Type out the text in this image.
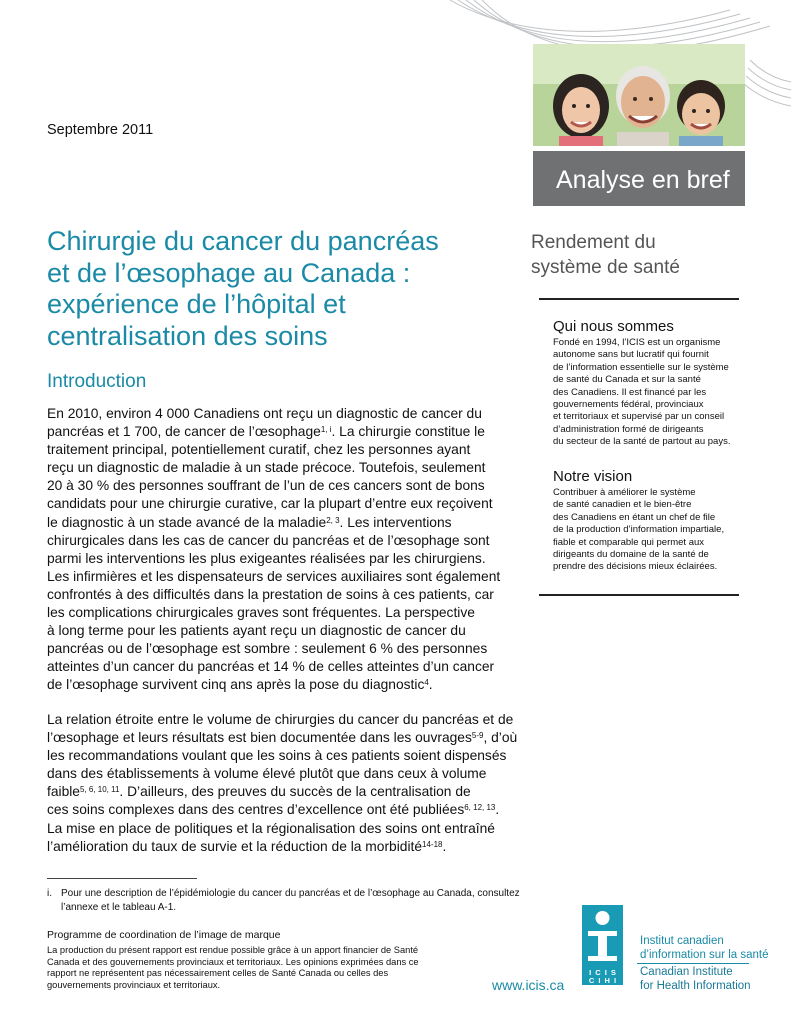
Analyse en bref
Septembre 2011
Chirurgie du cancer du pancréas
et de l’œsophage au Canada :
expérience de l’hôpital et
centralisation des soins
Rendement du
système de santé
Introduction
En 2010, environ 4 000 Canadiens ont reçu un diagnostic de cancer du
pancréas et 1 700, de cancer de l’œsophage$^{1, i}$. La chirurgie constitue le
traitement principal, potentiellement curatif, chez les personnes ayant
reçu un diagnostic de maladie à un stade précoce. Toutefois, seulement
20 à 30 % des personnes souffrant de l’un de ces cancers sont de bons
candidats pour une chirurgie curative, car la plupart d’entre eux reçoivent
le diagnostic à un stade avancé de la maladie$^{2, 3}$. Les interventions
chirurgicales dans les cas de cancer du pancréas et de l’œsophage sont
parmi les interventions les plus exigeantes réalisées par les chirurgiens.
Les infirmières et les dispensateurs de services auxiliaires sont également
confrontés à des difficultés dans la prestation de soins à ces patients, car
les complications chirurgicales graves sont fréquentes. La perspective
à long terme pour les patients ayant reçu un diagnostic de cancer du
pancréas ou de l’œsophage est sombre : seulement 6 % des personnes
atteintes d’un cancer du pancréas et 14 % de celles atteintes d’un cancer
de l’œsophage survivent cinq ans après la pose du diagnostic$^4$.
La relation étroite entre le volume de chirurgies du cancer du pancréas et de
l’œsophage et leurs résultats est bien documentée dans les ouvrages$^{5-9}$, d’où
les recommandations voulant que les soins à ces patients soient dispensés
dans des établissements à volume élevé plutôt que dans ceux à volume
faible$^{5, 6, 10, 11}$. D’ailleurs, des preuves du succès de la centralisation de
ces soins complexes dans des centres d’excellence ont été publiées$^{6, 12, 13}$.
La mise en place de politiques et la régionalisation des soins ont entraîné
l’amélioration du taux de survie et la réduction de la morbidité$^{14-18}$.
Qui nous sommes
Fondé en 1994, l’ICIS est un organisme
autonome sans but lucratif qui fournit
de l’information essentielle sur le système
de santé du Canada et sur la santé
des Canadiens. Il est financé par les
gouvernements fédéral, provinciaux
et territoriaux et supervisé par un conseil
d’administration formé de dirigeants
du secteur de la santé de partout au pays.
Notre vision
Contribuer à améliorer le système
de santé canadien et le bien-être
des Canadiens en étant un chef de file
de la production d’information impartiale,
fiable et comparable qui permet aux
dirigeants du domaine de la santé de
prendre des décisions mieux éclairées.
i. Pour une description de l’épidémiologie du cancer du pancréas et de l’œsophage au Canada, consultez
l’annexe et le tableau A-1.
Programme de coordination de l’image de marque
La production du présent rapport est rendue possible grâce à un apport financier de Santé
Canada et des gouvernements provinciaux et territoriaux. Les opinions exprimées dans ce
rapport ne représentent pas nécessairement celles de Santé Canada ou celles des
gouvernements provinciaux et territoriaux.	www.icis.ca
I C I S
C I H I
Institut canadien
d’information sur la santé
Canadian Institute
for Health Information
